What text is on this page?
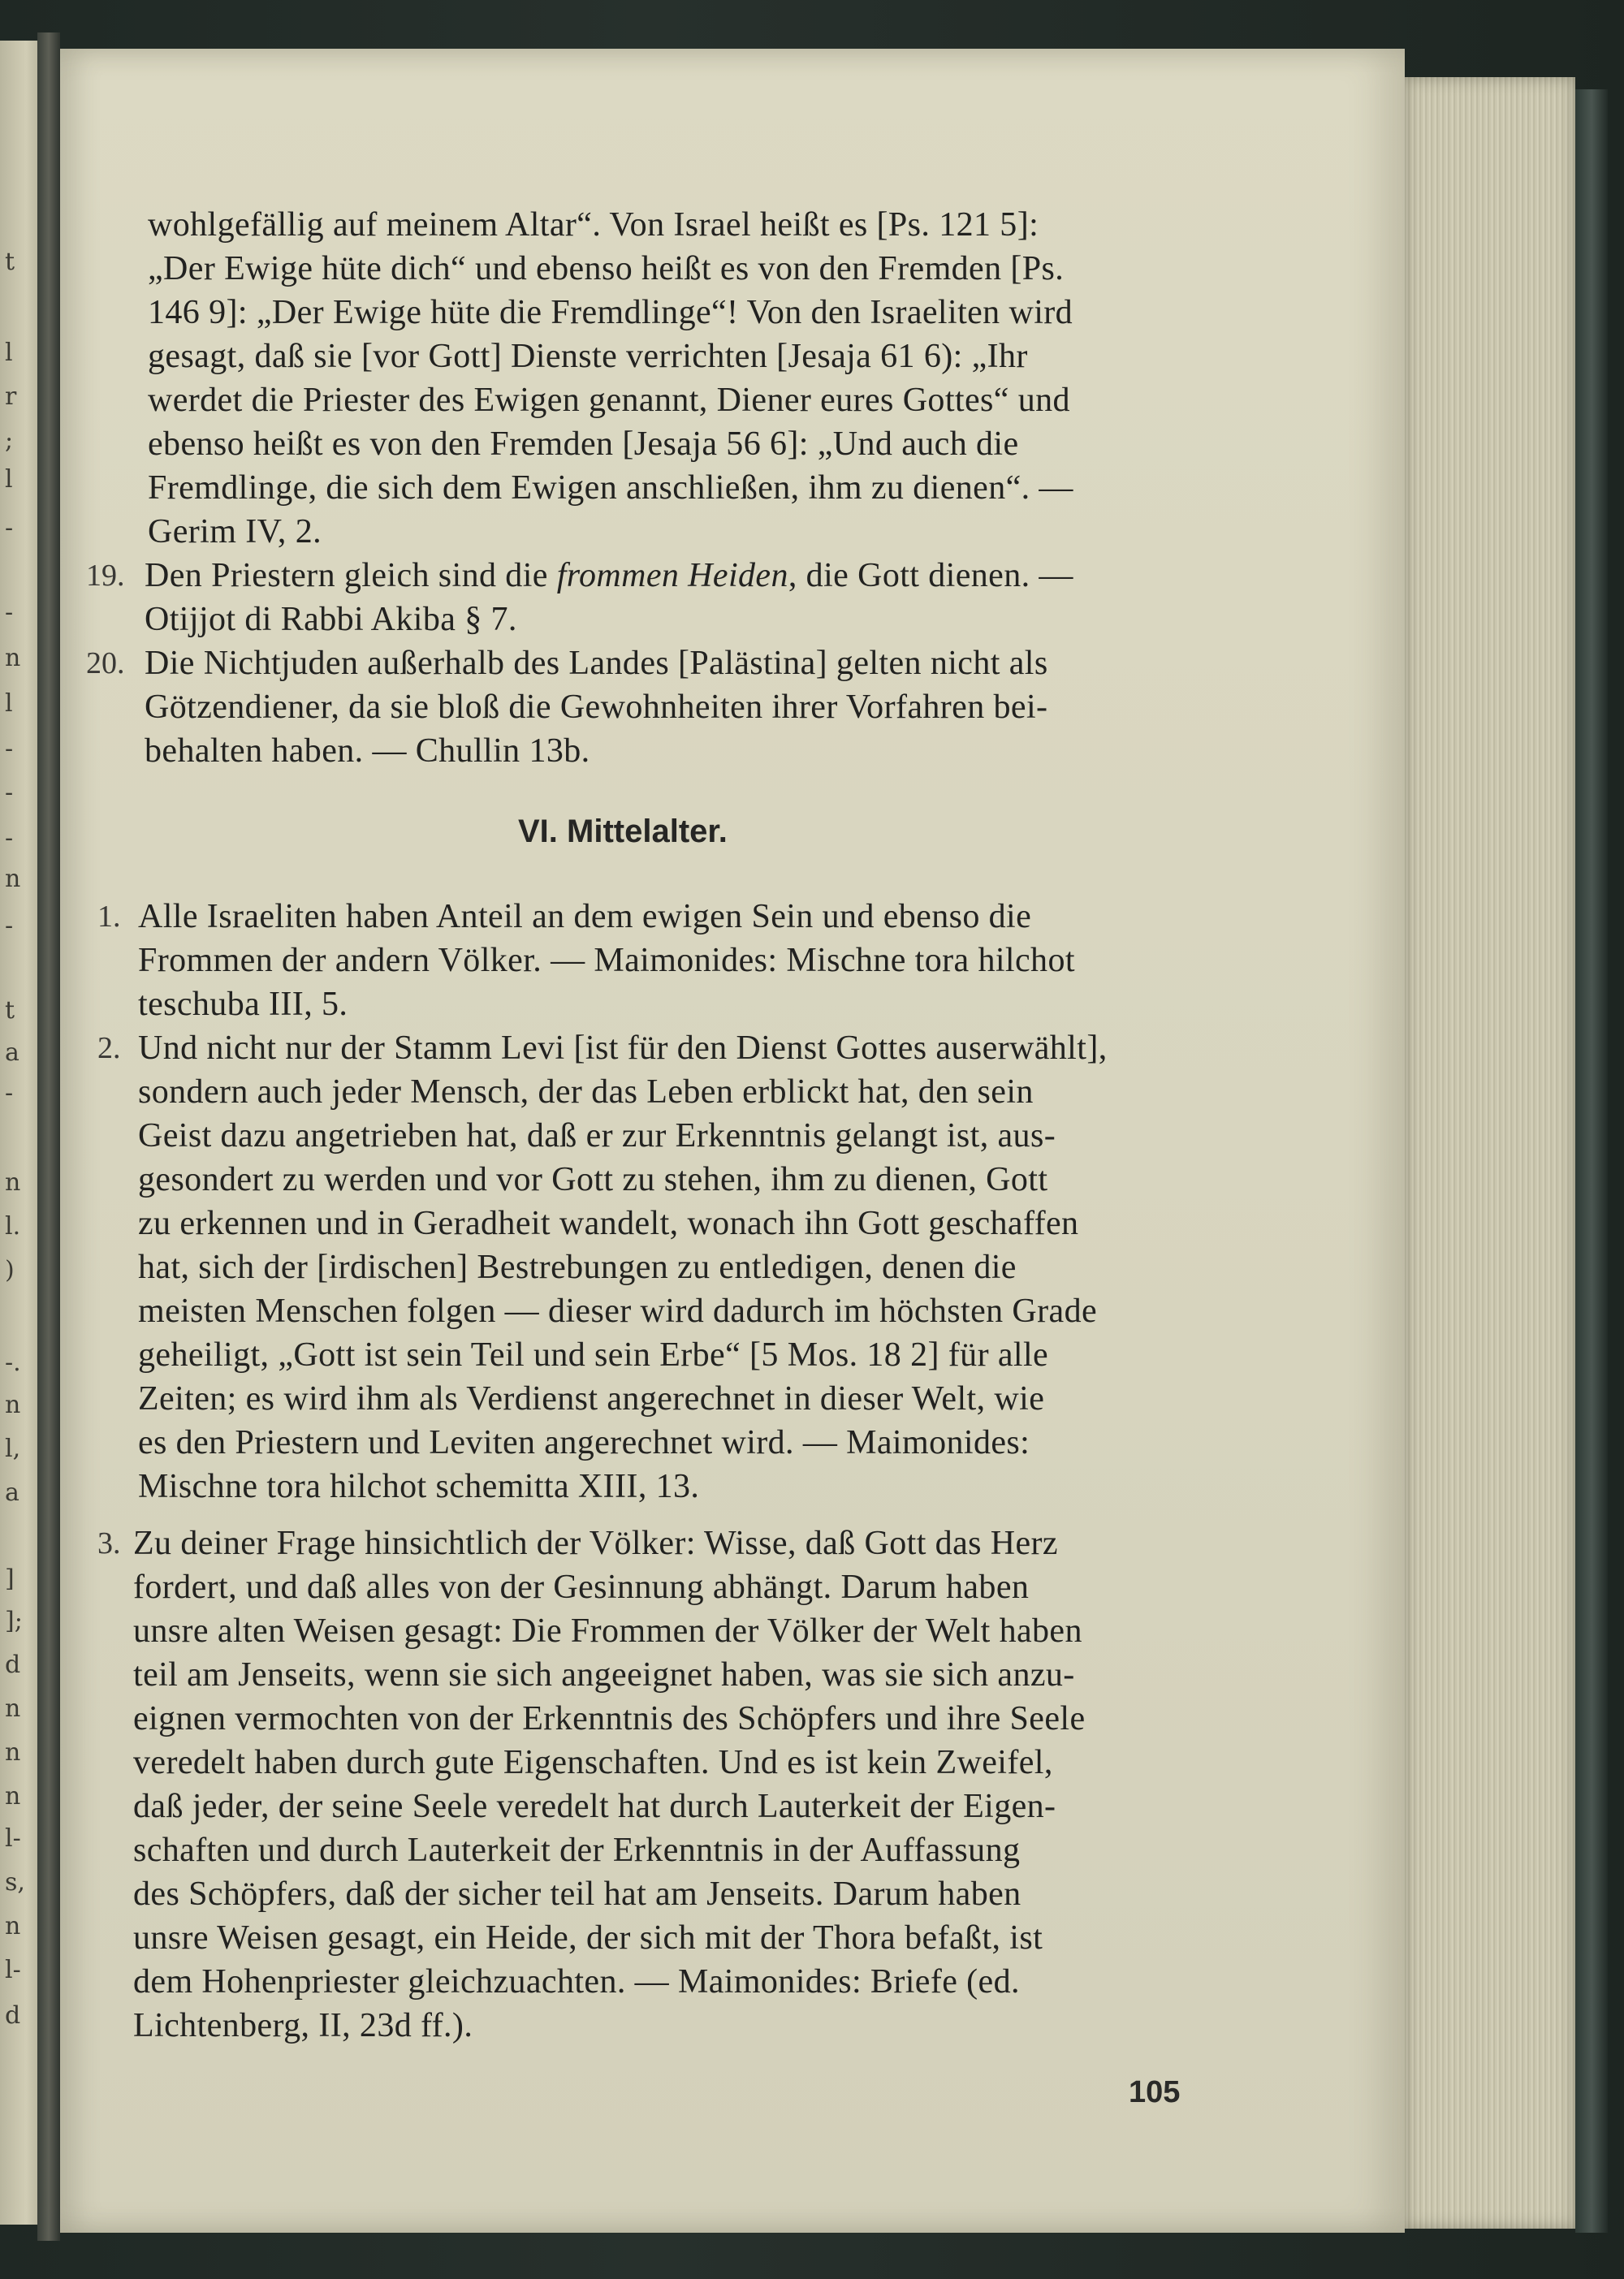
t
l
r
;
l
-
-
n
l
-
-
-
n
-
t
a
-
n
l.
)
-.
n
l,
a
]
];
d
n
n
n
l-
s,
n
l-
d
wohlgefällig auf meinem Altar“. Von Israel heißt es [Ps. 121 5]:
„Der Ewige hüte dich“ und ebenso heißt es von den Fremden [Ps.
146 9]: „Der Ewige hüte die Fremdlinge“! Von den Israeliten wird
gesagt, daß sie [vor Gott] Dienste verrichten [Jesaja 61 6): „Ihr
werdet die Priester des Ewigen genannt, Diener eures Gottes“ und
ebenso heißt es von den Fremden [Jesaja 56 6]: „Und auch die
Fremdlinge, die sich dem Ewigen anschließen, ihm zu dienen“. —
Gerim IV, 2.
19. Den Priestern gleich sind die frommen Heiden, die Gott dienen. —
Otijjot di Rabbi Akiba § 7.
20. Die Nichtjuden außerhalb des Landes [Palästina] gelten nicht als
Götzendiener, da sie bloß die Gewohnheiten ihrer Vorfahren bei-
behalten haben. — Chullin 13b.
VI. Mittelalter.
1. Alle Israeliten haben Anteil an dem ewigen Sein und ebenso die
Frommen der andern Völker. — Maimonides: Mischne tora hilchot
teschuba III, 5.
2. Und nicht nur der Stamm Levi [ist für den Dienst Gottes auserwählt],
sondern auch jeder Mensch, der das Leben erblickt hat, den sein
Geist dazu angetrieben hat, daß er zur Erkenntnis gelangt ist, aus-
gesondert zu werden und vor Gott zu stehen, ihm zu dienen, Gott
zu erkennen und in Geradheit wandelt, wonach ihn Gott geschaffen
hat, sich der [irdischen] Bestrebungen zu entledigen, denen die
meisten Menschen folgen — dieser wird dadurch im höchsten Grade
geheiligt, „Gott ist sein Teil und sein Erbe“ [5 Mos. 18 2] für alle
Zeiten; es wird ihm als Verdienst angerechnet in dieser Welt, wie
es den Priestern und Leviten angerechnet wird. — Maimonides:
Mischne tora hilchot schemitta XIII, 13.
3. Zu deiner Frage hinsichtlich der Völker: Wisse, daß Gott das Herz
fordert, und daß alles von der Gesinnung abhängt. Darum haben
unsre alten Weisen gesagt: Die Frommen der Völker der Welt haben
teil am Jenseits, wenn sie sich angeeignet haben, was sie sich anzu-
eignen vermochten von der Erkenntnis des Schöpfers und ihre Seele
veredelt haben durch gute Eigenschaften. Und es ist kein Zweifel,
daß jeder, der seine Seele veredelt hat durch Lauterkeit der Eigen-
schaften und durch Lauterkeit der Erkenntnis in der Auffassung
des Schöpfers, daß der sicher teil hat am Jenseits. Darum haben
unsre Weisen gesagt, ein Heide, der sich mit der Thora befaßt, ist
dem Hohenpriester gleichzuachten. — Maimonides: Briefe (ed.
Lichtenberg, II, 23d ff.).
105
